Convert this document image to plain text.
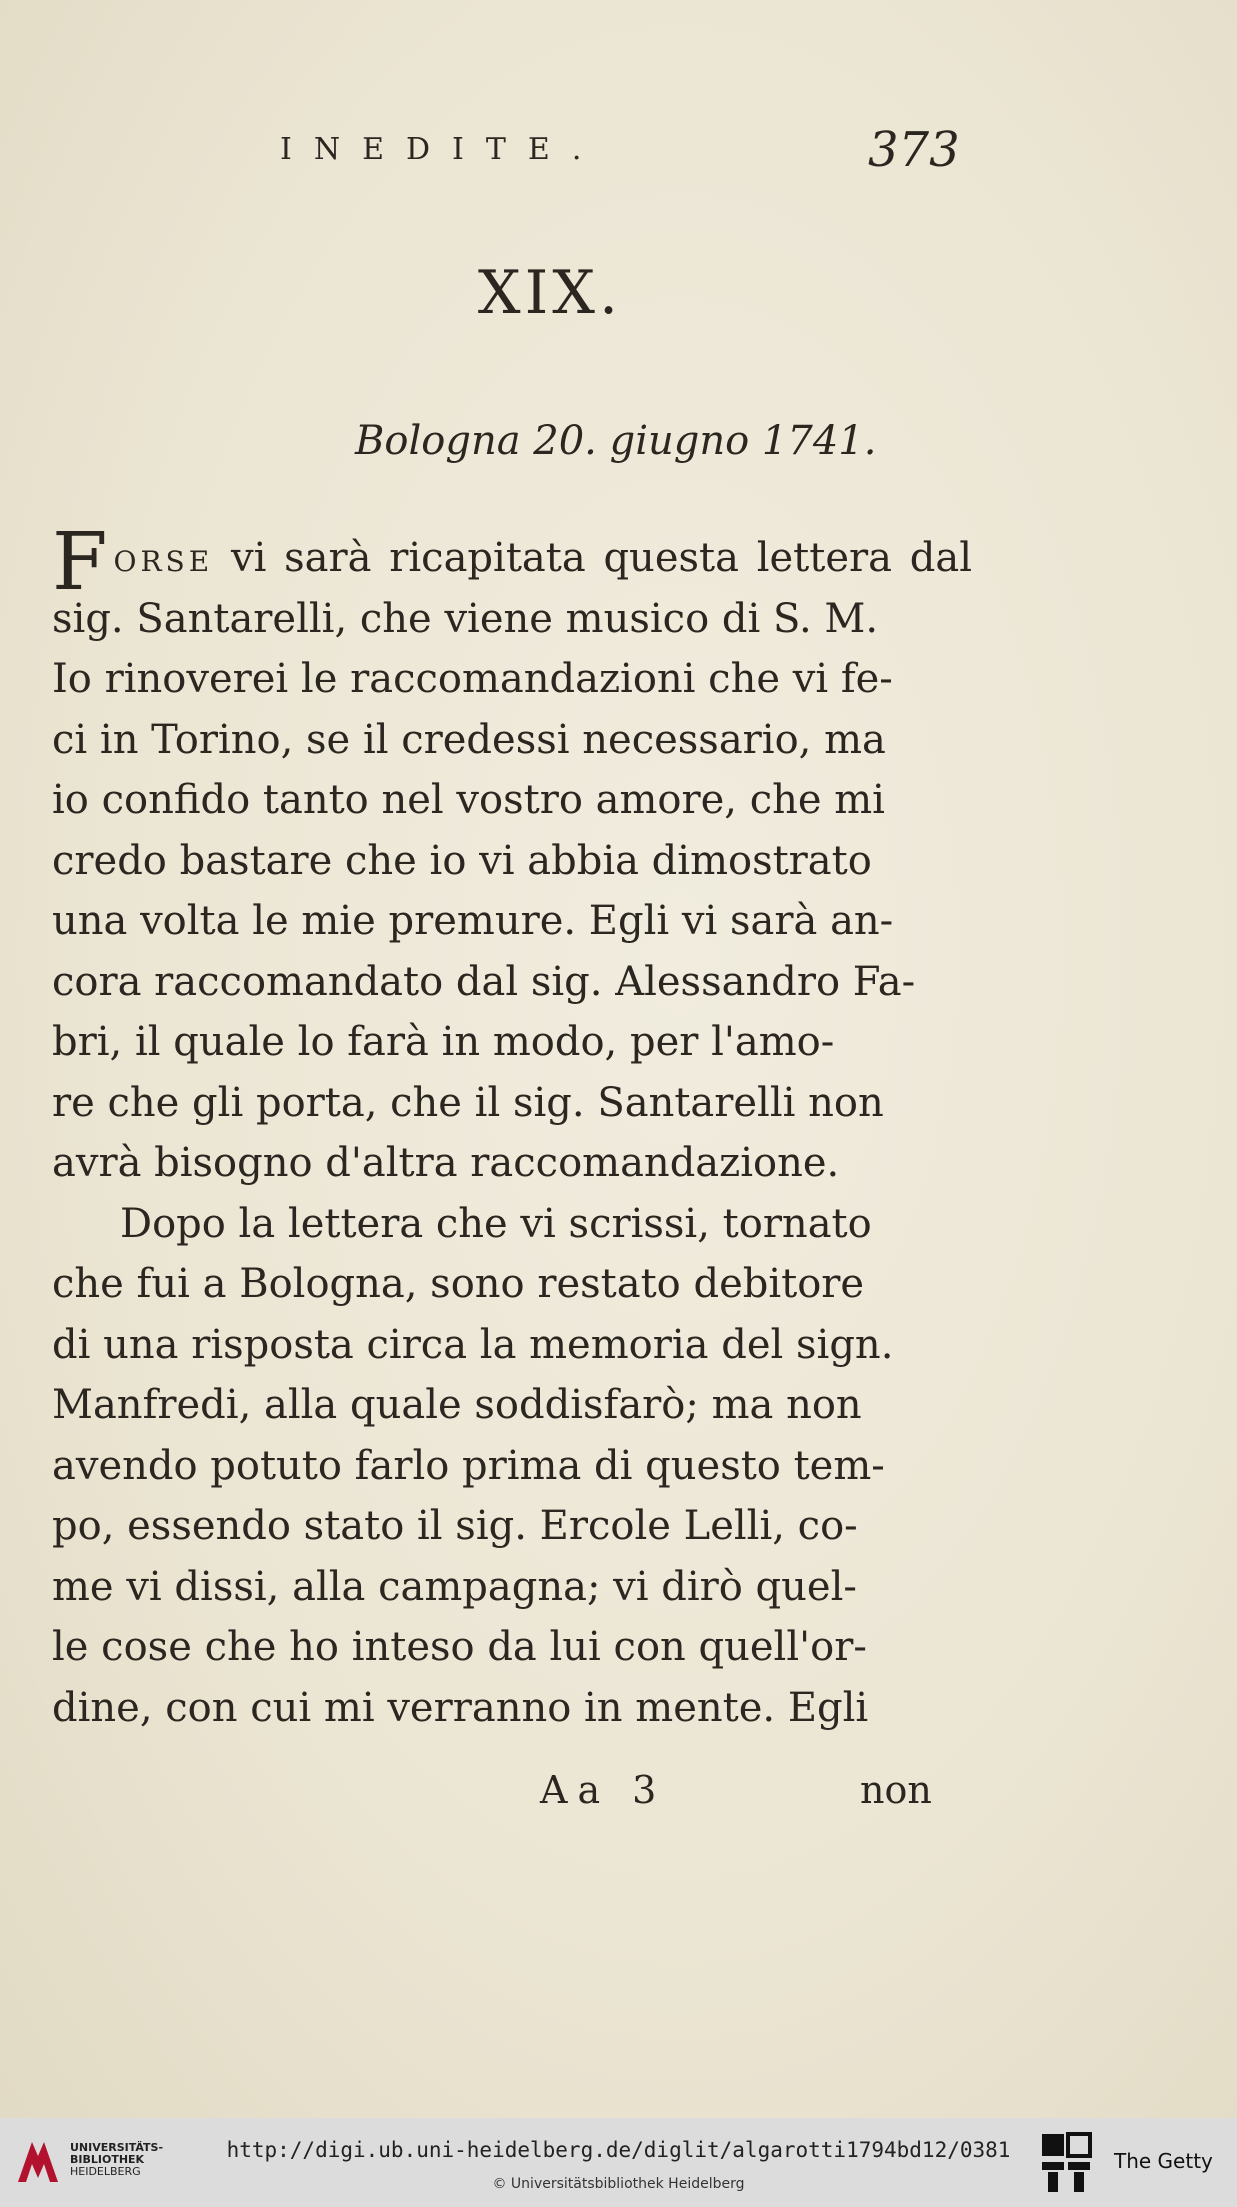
INEDITE.	373
XIX.
Bologna 20. giugno 1741.
FORSE vi sarà ricapitata questa lettera dal
sig. Santarelli, che viene musico di S. M.
Io rinoverei le raccomandazioni che vi fe-
ci in Torino, se il credessi necessario, ma
io confido tanto nel vostro amore, che mi
credo bastare che io vi abbia dimostrato
una volta le mie premure. Egli vi sarà an-
cora raccomandato dal sig. Alessandro Fa-
bri, il quale lo farà in modo, per l'amo-
re che gli porta, che il sig. Santarelli non
avrà bisogno d'altra raccomandazione.
Dopo la lettera che vi scrissi, tornato
che fui a Bologna, sono restato debitore
di una risposta circa la memoria del sign.
Manfredi, alla quale soddisfarò; ma non
avendo potuto farlo prima di questo tem-
po, essendo stato il sig. Ercole Lelli, co-
me vi dissi, alla campagna; vi dirò quel-
le cose che ho inteso da lui con quell'or-
dine, con cui mi verranno in mente. Egli
Aa 3	non
UNIVERSITÄTS-
BIBLIOTHEK
HEIDELBERG
http://digi.ub.uni-heidelberg.de/diglit/algarotti1794bd12/0381
© Universitätsbibliothek Heidelberg
The Getty
